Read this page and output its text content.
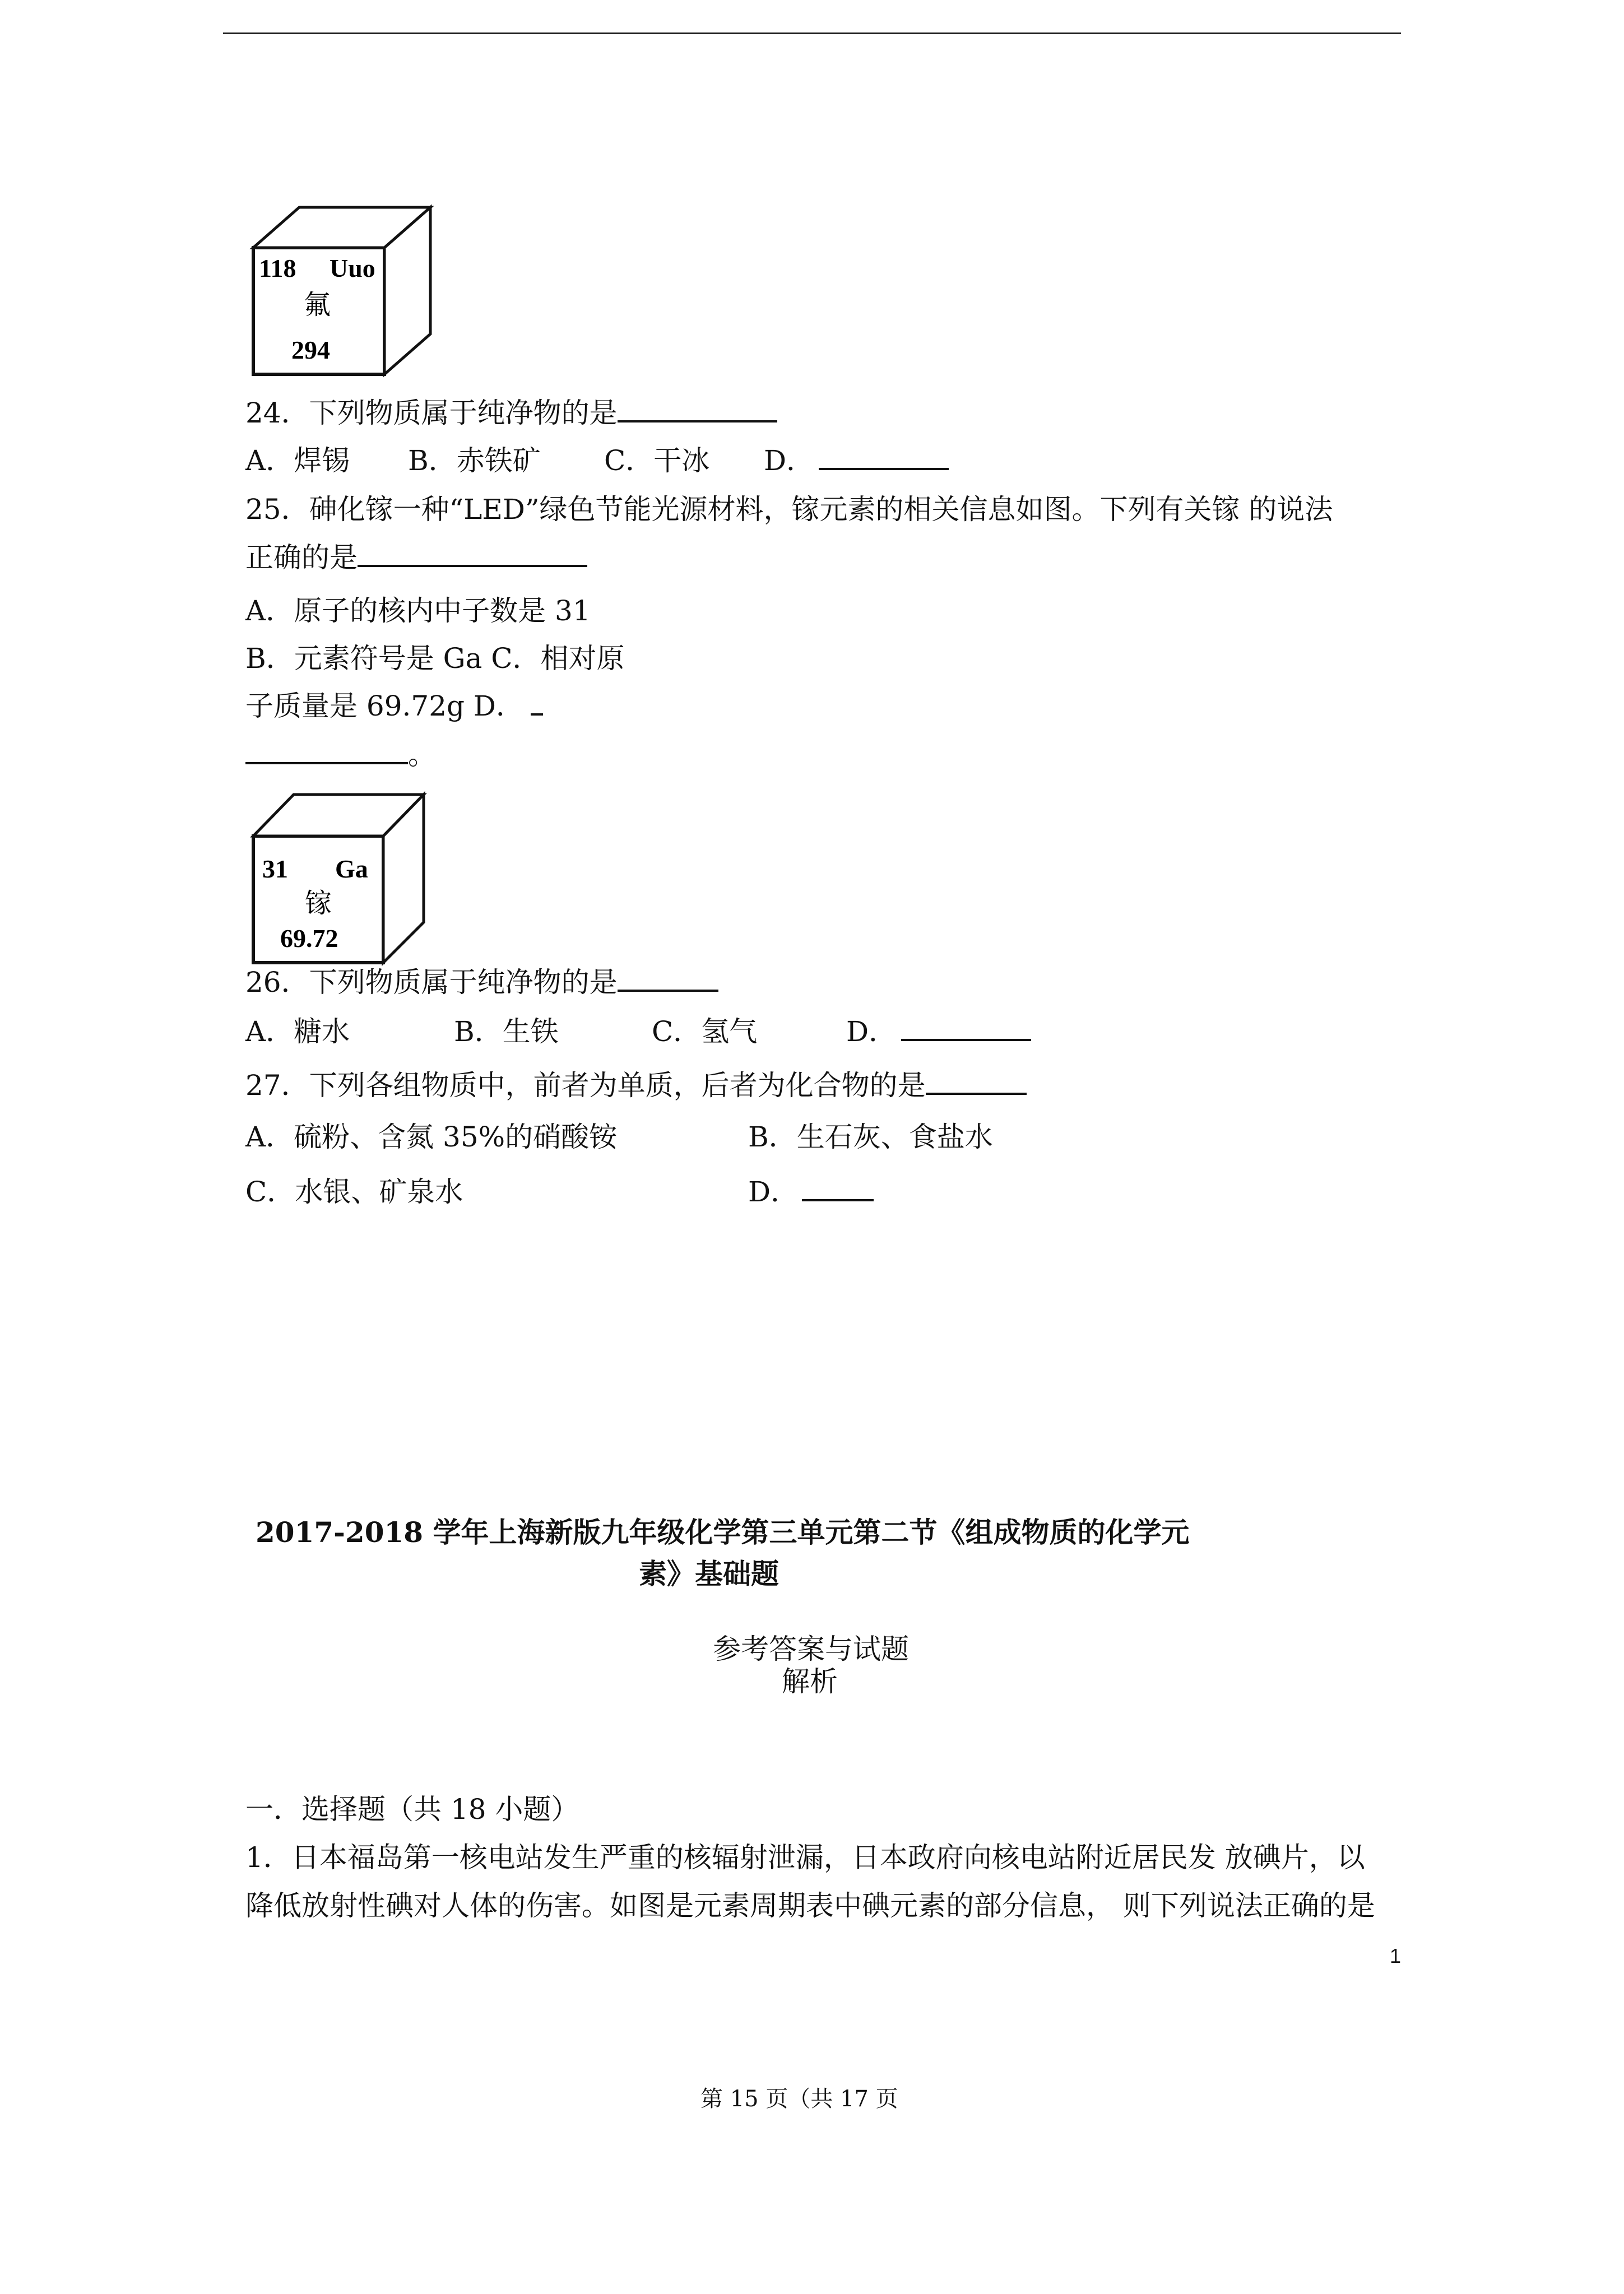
118 Uuo
氟
294
24．下列物质属于纯净物的是
A．焊锡 B．赤铁矿 C．干冰 D．
25．砷化镓一种“LED”绿色节能光源材料，镓元素的相关信息如图。下列有关镓 的说法
正确的是
A．原子的核内中子数是 31
B．元素符号是 Ga C．相对原
子质量是 69.72g D．
。
31 Ga
镓
69.72
26．下列物质属于纯净物的是
A．糖水	B．生铁	C．氢气	D．
27．下列各组物质中，前者为单质，后者为化合物的是
A．硫粉、含氮 35%的硝酸铵	B．生石灰、食盐水
C．水银、矿泉水	D．
2017-2018 学年上海新版九年级化学第三单元第二节《组成物质的化学元
素》基础题
参考答案与试题
解析
一．选择题（共 18 小题）
1．日本福岛第一核电站发生严重的核辐射泄漏，日本政府向核电站附近居民发 放碘片，以
降低放射性碘对人体的伤害。如图是元素周期表中碘元素的部分信息， 则下列说法正确的是
1
第 15 页（共 17 页
